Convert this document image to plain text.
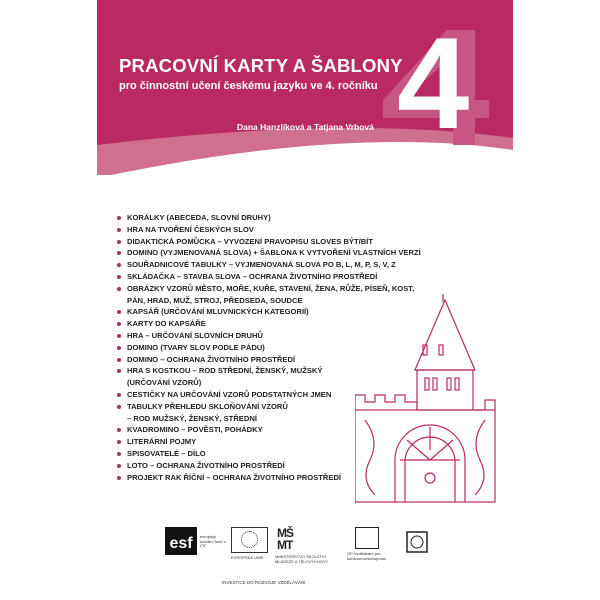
4
PRACOVNÍ KARTY A ŠABLONY
pro činnostní učení českému jazyku ve 4. ročníku
Dana Hanzlíková a Tatjana Vrbová
KORÁLKY (ABECEDA, SLOVNÍ DRUHY)
HRA NA TVOŘENÍ ČESKÝCH SLOV
DIDAKTICKÁ POMŮCKA – VYVOZENÍ PRAVOPISU SLOVES BÝT/BÍT
DOMINO (VYJMENOVANÁ SLOVA) + ŠABLONA K VYTVOŘENÍ VLASTNÍCH VERZÍ
SOUŘADNICOVÉ TABULKY – VYJMENOVANÁ SLOVA PO B, L, M, P, S, V, Z
SKLÁDAČKA – STAVBA SLOVA – OCHRANA ŽIVOTNÍHO PROSTŘEDÍ
OBRÁZKY VZORŮ MĚSTO, MOŘE, KUŘE, STAVENÍ, ŽENA, RŮŽE, PÍSEŇ, KOST,
PÁN, HRAD, MUŽ, STROJ, PŘEDSEDA, SOUDCE
KAPSÁŘ (URČOVÁNÍ MLUVNICKÝCH KATEGORIÍ)
KARTY DO KAPSÁŘE
HRA – URČOVÁNÍ SLOVNÍCH DRUHŮ
DOMINO (TVARY SLOV PODLE PÁDU)
DOMINO – OCHRANA ŽIVOTNÍHO PROSTŘEDÍ
HRA S KOSTKOU – ROD STŘEDNÍ, ŽENSKÝ, MUŽSKÝ
(URČOVÁNÍ VZORŮ)
CESTIČKY NA URČOVÁNÍ VZORŮ PODSTATNÝCH JMEN
TABULKY PŘEHLEDU SKLOŇOVÁNÍ VZORŮ
– ROD MUŽSKÝ, ŽENSKÝ, STŘEDNÍ
KVADROMINO – POVĚSTI, POHÁDKY
LITERÁRNÍ POJMY
SPISOVATELÉ – DÍLO
LOTO – OCHRANA ŽIVOTNÍHO PROSTŘEDÍ
PROJEKT RAK ŘÍČNÍ – OCHRANA ŽIVOTNÍHO PROSTŘEDÍ
esf	evropský sociální fond v ČR
EVROPSKÁ UNIE
MŠ
MT
MINISTERSTVO ŠKOLSTVÍ, MLÁDEŽE A TĚLOVÝCHOVY
OP Vzdělávání pro konkurenceschopnost
INVESTICE DO ROZVOJE VZDĚLÁVÁNÍ
